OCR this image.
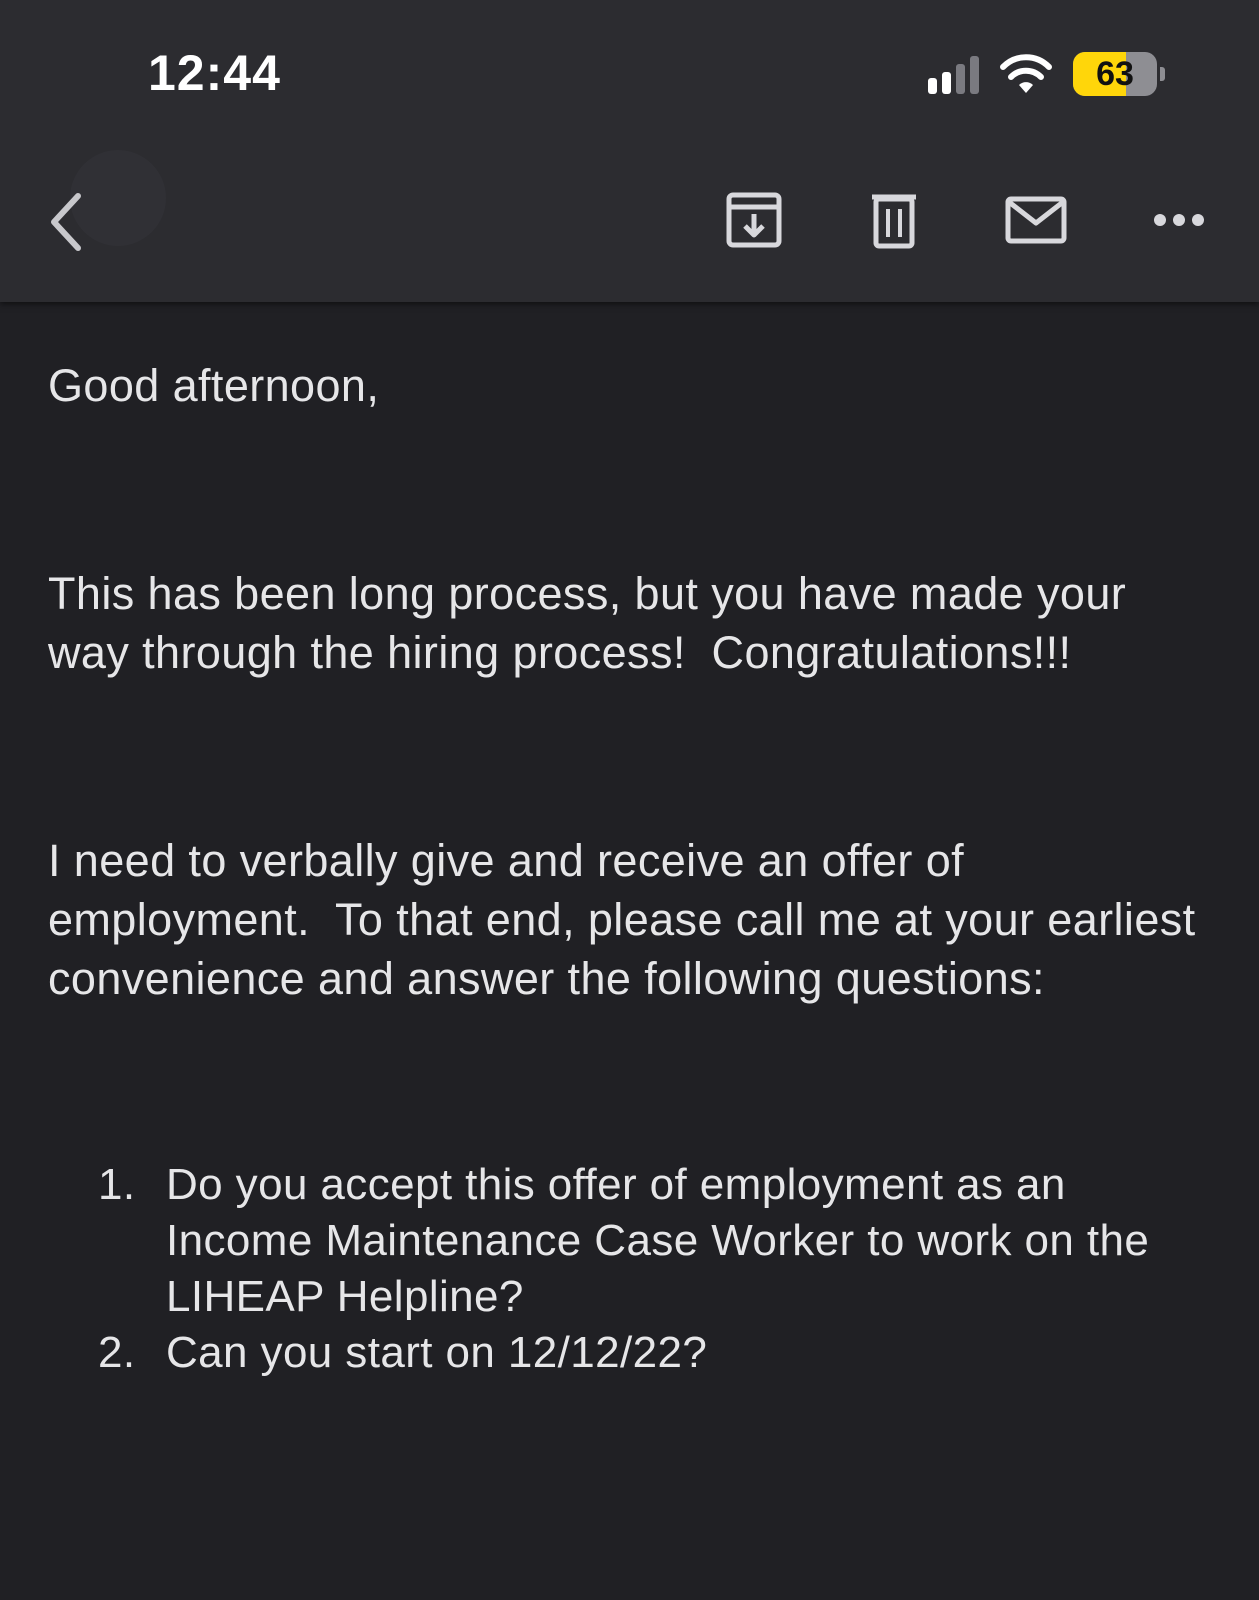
12:44	63

Good afternoon,

This has been long process, but you have made your way through the hiring process!  Congratulations!!!

I need to verbally give and receive an offer of employment.  To that end, please call me at your earliest convenience and answer the following questions:

1. Do you accept this offer of employment as an Income Maintenance Case Worker to work on the LIHEAP Helpline?
2. Can you start on 12/12/22?
